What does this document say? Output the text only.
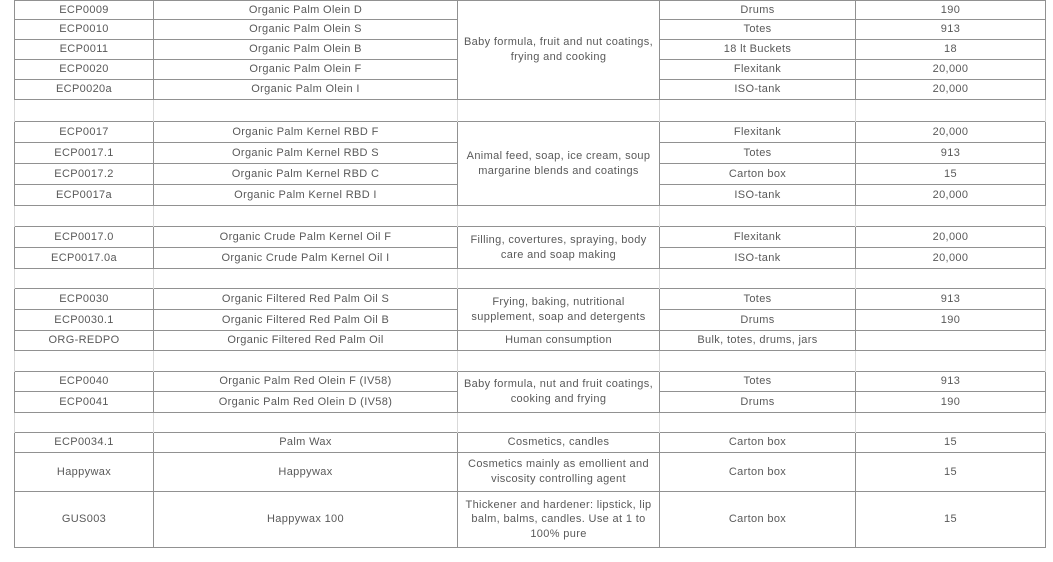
ECP0009	Organic Palm Olein D	Baby formula, fruit and nut coatings, frying and cooking	Drums	190
ECP0010	Organic Palm Olein S		Totes	913
ECP0011	Organic Palm Olein B		18 lt Buckets	18
ECP0020	Organic Palm Olein F		Flexitank	20,000
ECP0020a	Organic Palm Olein I		ISO-tank	20,000

ECP0017	Organic Palm Kernel RBD F	Animal feed, soap, ice cream, soup margarine blends and coatings	Flexitank	20,000
ECP0017.1	Organic Palm Kernel RBD S		Totes	913
ECP0017.2	Organic Palm Kernel RBD C		Carton box	15
ECP0017a	Organic Palm Kernel RBD I		ISO-tank	20,000

ECP0017.0	Organic Crude Palm Kernel Oil F	Filling, covertures, spraying, body care and soap making	Flexitank	20,000
ECP0017.0a	Organic Crude Palm Kernel Oil I		ISO-tank	20,000

ECP0030	Organic Filtered Red Palm Oil S	Frying, baking, nutritional supplement, soap and detergents	Totes	913
ECP0030.1	Organic Filtered Red Palm Oil B		Drums	190
ORG-REDPO	Organic Filtered Red Palm Oil	Human consumption	Bulk, totes, drums, jars	

ECP0040	Organic Palm Red Olein F (IV58)	Baby formula, nut and fruit coatings, cooking and frying	Totes	913
ECP0041	Organic Palm Red Olein D (IV58)		Drums	190

ECP0034.1	Palm Wax	Cosmetics, candles	Carton box	15
Happywax	Happywax	Cosmetics mainly as emollient and viscosity controlling agent	Carton box	15
GUS003	Happywax 100	Thickener and hardener: lipstick, lip balm, balms, candles. Use at 1 to 100% pure	Carton box	15
